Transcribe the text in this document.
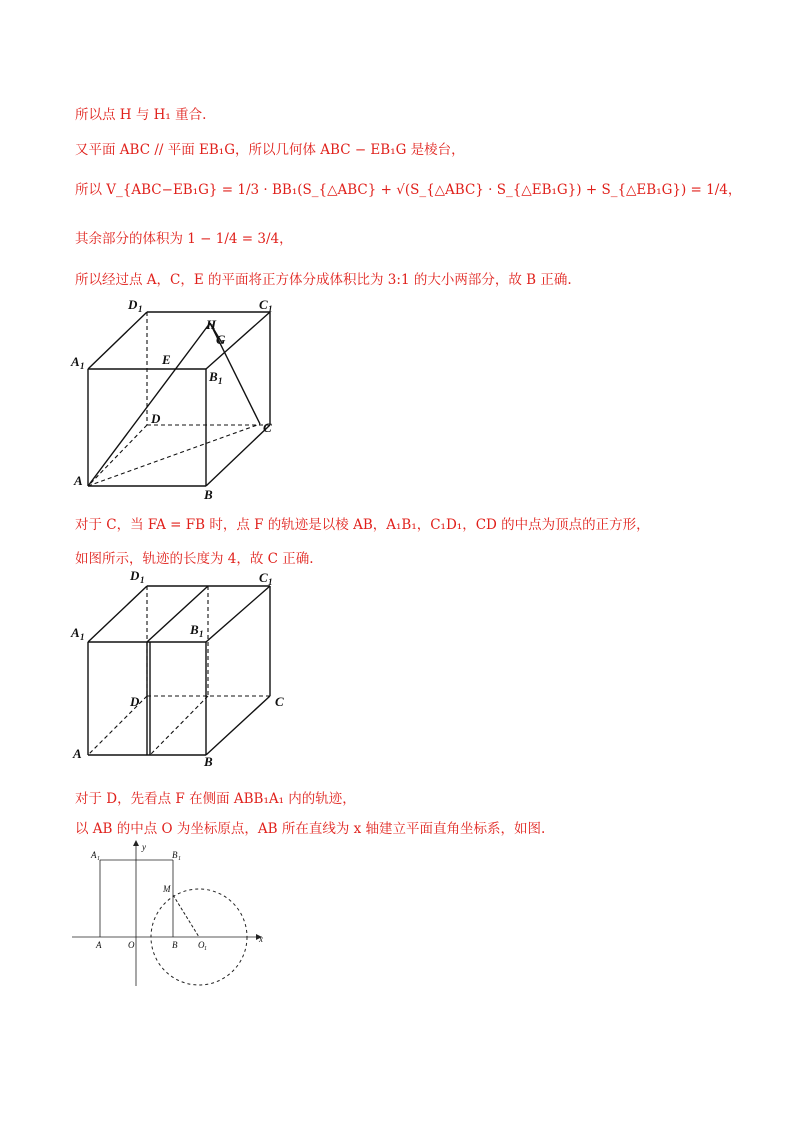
所以点 H 与 H₁ 重合.
又平面 ABC // 平面 EB₁G，所以几何体 ABC − EB₁G 是棱台，
所以 V_{ABC−EB₁G} = 1/3 · BB₁(S_{△ABC} + √(S_{△ABC} · S_{△EB₁G}) + S_{△EB₁G}) = 1/4，
其余部分的体积为 1 − 1/4 = 3/4，
所以经过点 A，C，E 的平面将正方体分成体积比为 3:1 的大小两部分，故 B 正确.
D 1	C 1
A 1
H
G
E
B 1
D
C
A
B
对于 C，当 FA = FB 时，点 F 的轨迹是以棱 AB，A₁B₁，C₁D₁，CD 的中点为顶点的正方形，
如图所示，轨迹的长度为 4，故 C 正确.
D 1	C 1
A 1	B 1
D	C
A
B
对于 D，先看点 F 在侧面 ABB₁A₁ 内的轨迹，
以 AB 的中点 O 为坐标原点，AB 所在直线为 x 轴建立平面直角坐标系，如图.
A 1	B 1
y
M
A	O	B O 1
x
